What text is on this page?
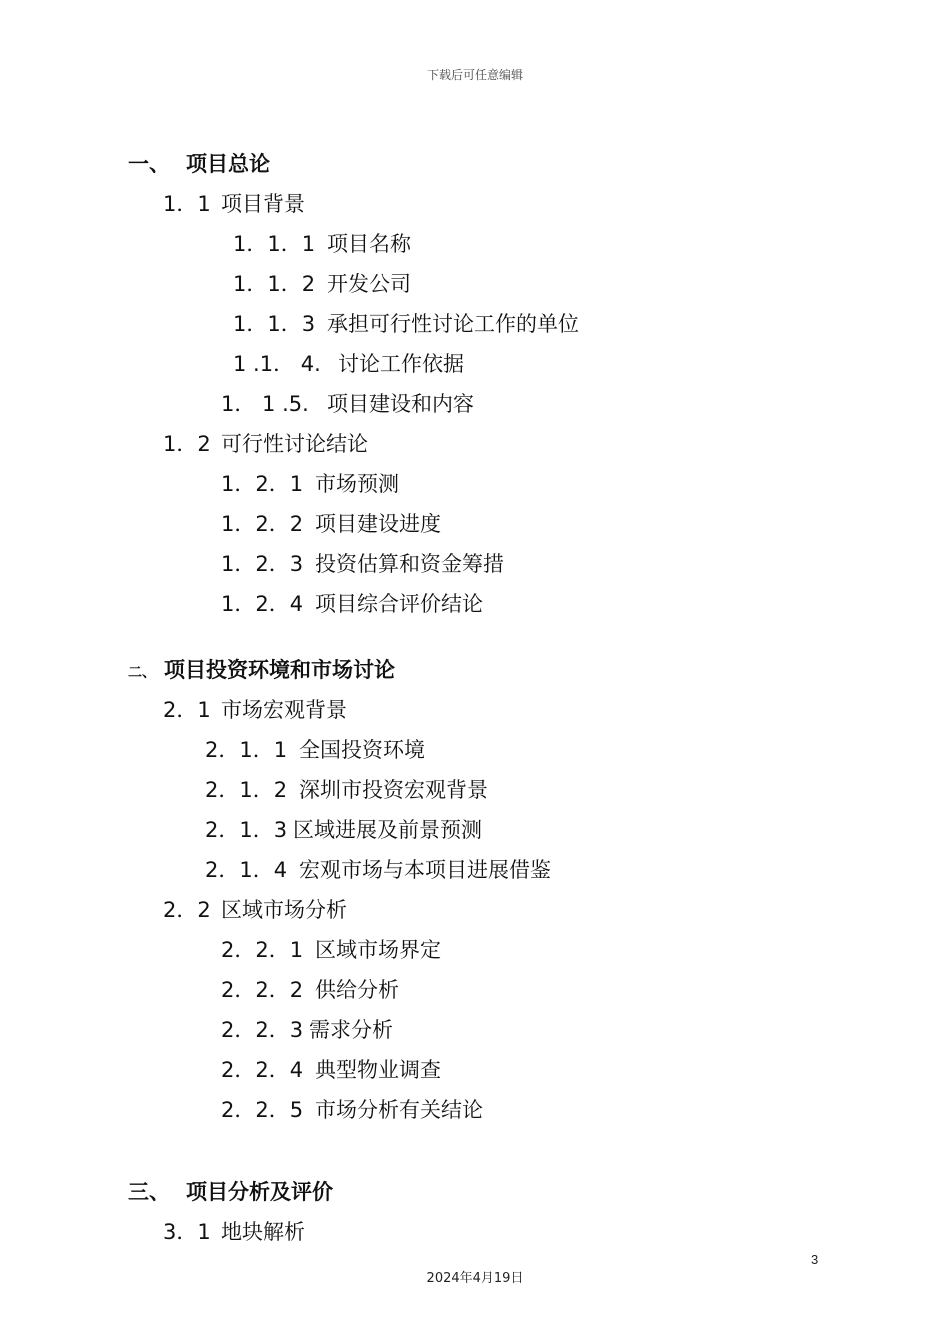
下载后可任意编辑
一、 项目总论
1．1 项目背景
1．1．1 项目名称
1．1．2 开发公司
1．1．3 承担可行性讨论工作的单位
1 .1． 4. 讨论工作依据
1． 1 .5. 项目建设和内容
1．2 可行性讨论结论
1．2．1 市场预测
1．2．2 项目建设进度
1．2．3 投资估算和资金筹措
1．2．4 项目综合评价结论
二、 项目投资环境和市场讨论
2．1 市场宏观背景
2．1．1 全国投资环境
2．1．2 深圳市投资宏观背景
2．1．3 区域进展及前景预测
2．1．4 宏观市场与本项目进展借鉴
2．2 区域市场分析
2．2．1 区域市场界定
2．2．2 供给分析
2．2．3 需求分析
2．2．4 典型物业调查
2．2．5 市场分析有关结论
三、 项目分析及评价
3．1 地块解析
3
2024年4月19日
